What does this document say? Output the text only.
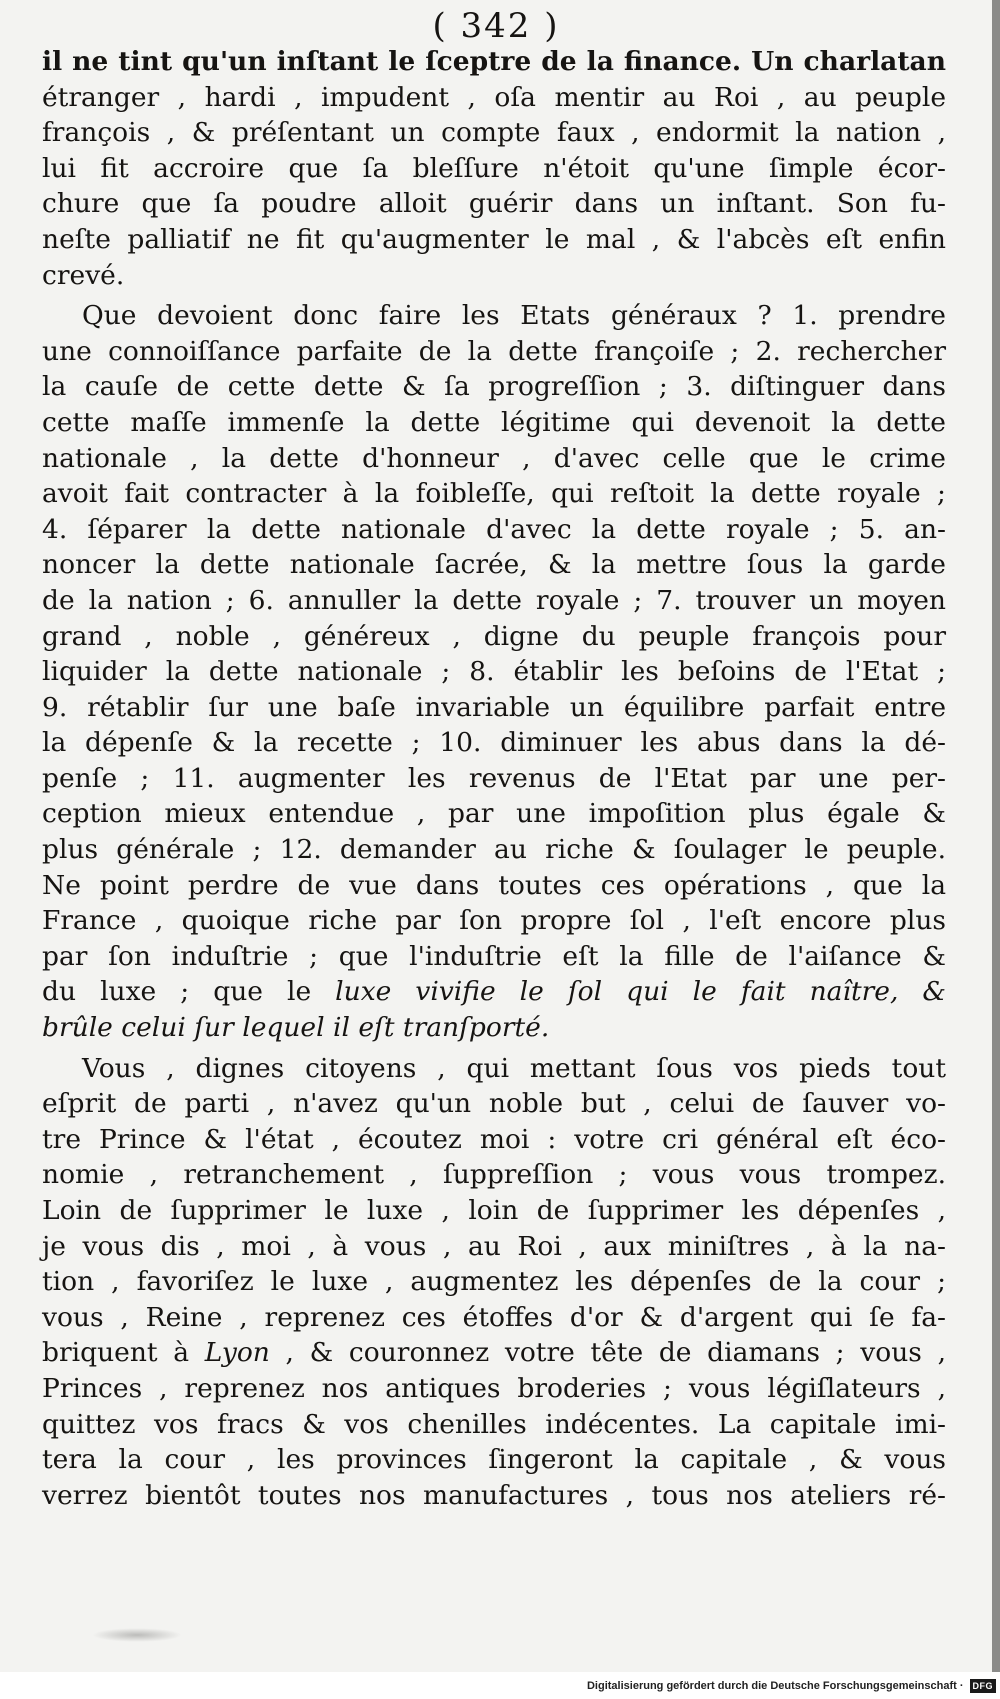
( 342 )
il ne tint qu'un inſtant le ſceptre de la finance. Un charlatan
étranger , hardi , impudent , oſa mentir au Roi , au peuple
françois , & préſentant un compte faux , endormit la nation ,
lui fit accroire que ſa bleſſure n'étoit qu'une ſimple écor-
chure que ſa poudre alloit guérir dans un inſtant. Son fu-
neſte palliatif ne fit qu'augmenter le mal , & l'abcès eſt enfin
crevé.
Que devoient donc faire les Etats généraux ? 1. prendre
une connoiſſance parfaite de la dette françoiſe ; 2. rechercher
la cauſe de cette dette & ſa progreſſion ; 3. diſtinguer dans
cette maſſe immenſe la dette légitime qui devenoit la dette
nationale , la dette d'honneur , d'avec celle que le crime
avoit fait contracter à la foibleſſe, qui reſtoit la dette royale ;
4. ſéparer la dette nationale d'avec la dette royale ; 5. an-
noncer la dette nationale ſacrée, & la mettre ſous la garde
de la nation ; 6. annuller la dette royale ; 7. trouver un moyen
grand , noble , généreux , digne du peuple françois pour
liquider la dette nationale ; 8. établir les beſoins de l'Etat ;
9. rétablir ſur une baſe invariable un équilibre parfait entre
la dépenſe & la recette ; 10. diminuer les abus dans la dé-
penſe ; 11. augmenter les revenus de l'Etat par une per-
ception mieux entendue , par une impoſition plus égale &
plus générale ; 12. demander au riche & ſoulager le peuple.
Ne point perdre de vue dans toutes ces opérations , que la
France , quoique riche par ſon propre ſol , l'eſt encore plus
par ſon induſtrie ; que l'induſtrie eſt la fille de l'aiſance &
du luxe ; que le luxe vivifie le ſol qui le fait naître, &
brûle celui ſur lequel il eſt tranſporté.
Vous , dignes citoyens , qui mettant ſous vos pieds tout
eſprit de parti , n'avez qu'un noble but , celui de ſauver vo-
tre Prince & l'état , écoutez moi : votre cri général eſt éco-
nomie , retranchement , ſuppreſſion ; vous vous trompez.
Loin de ſupprimer le luxe , loin de ſupprimer les dépenſes ,
je vous dis , moi , à vous , au Roi , aux miniſtres , à la na-
tion , favoriſez le luxe , augmentez les dépenſes de la cour ;
vous , Reine , reprenez ces étoffes d'or & d'argent qui ſe fa-
briquent à Lyon , & couronnez votre tête de diamans ; vous ,
Princes , reprenez nos antiques broderies ; vous légiſlateurs ,
quittez vos fracs & vos chenilles indécentes. La capitale imi-
tera la cour , les provinces ſingeront la capitale , & vous
verrez bientôt toutes nos manufactures , tous nos ateliers ré-
Digitalisierung gefördert durch die Deutsche Forschungsgemeinschaft ·	DFG
